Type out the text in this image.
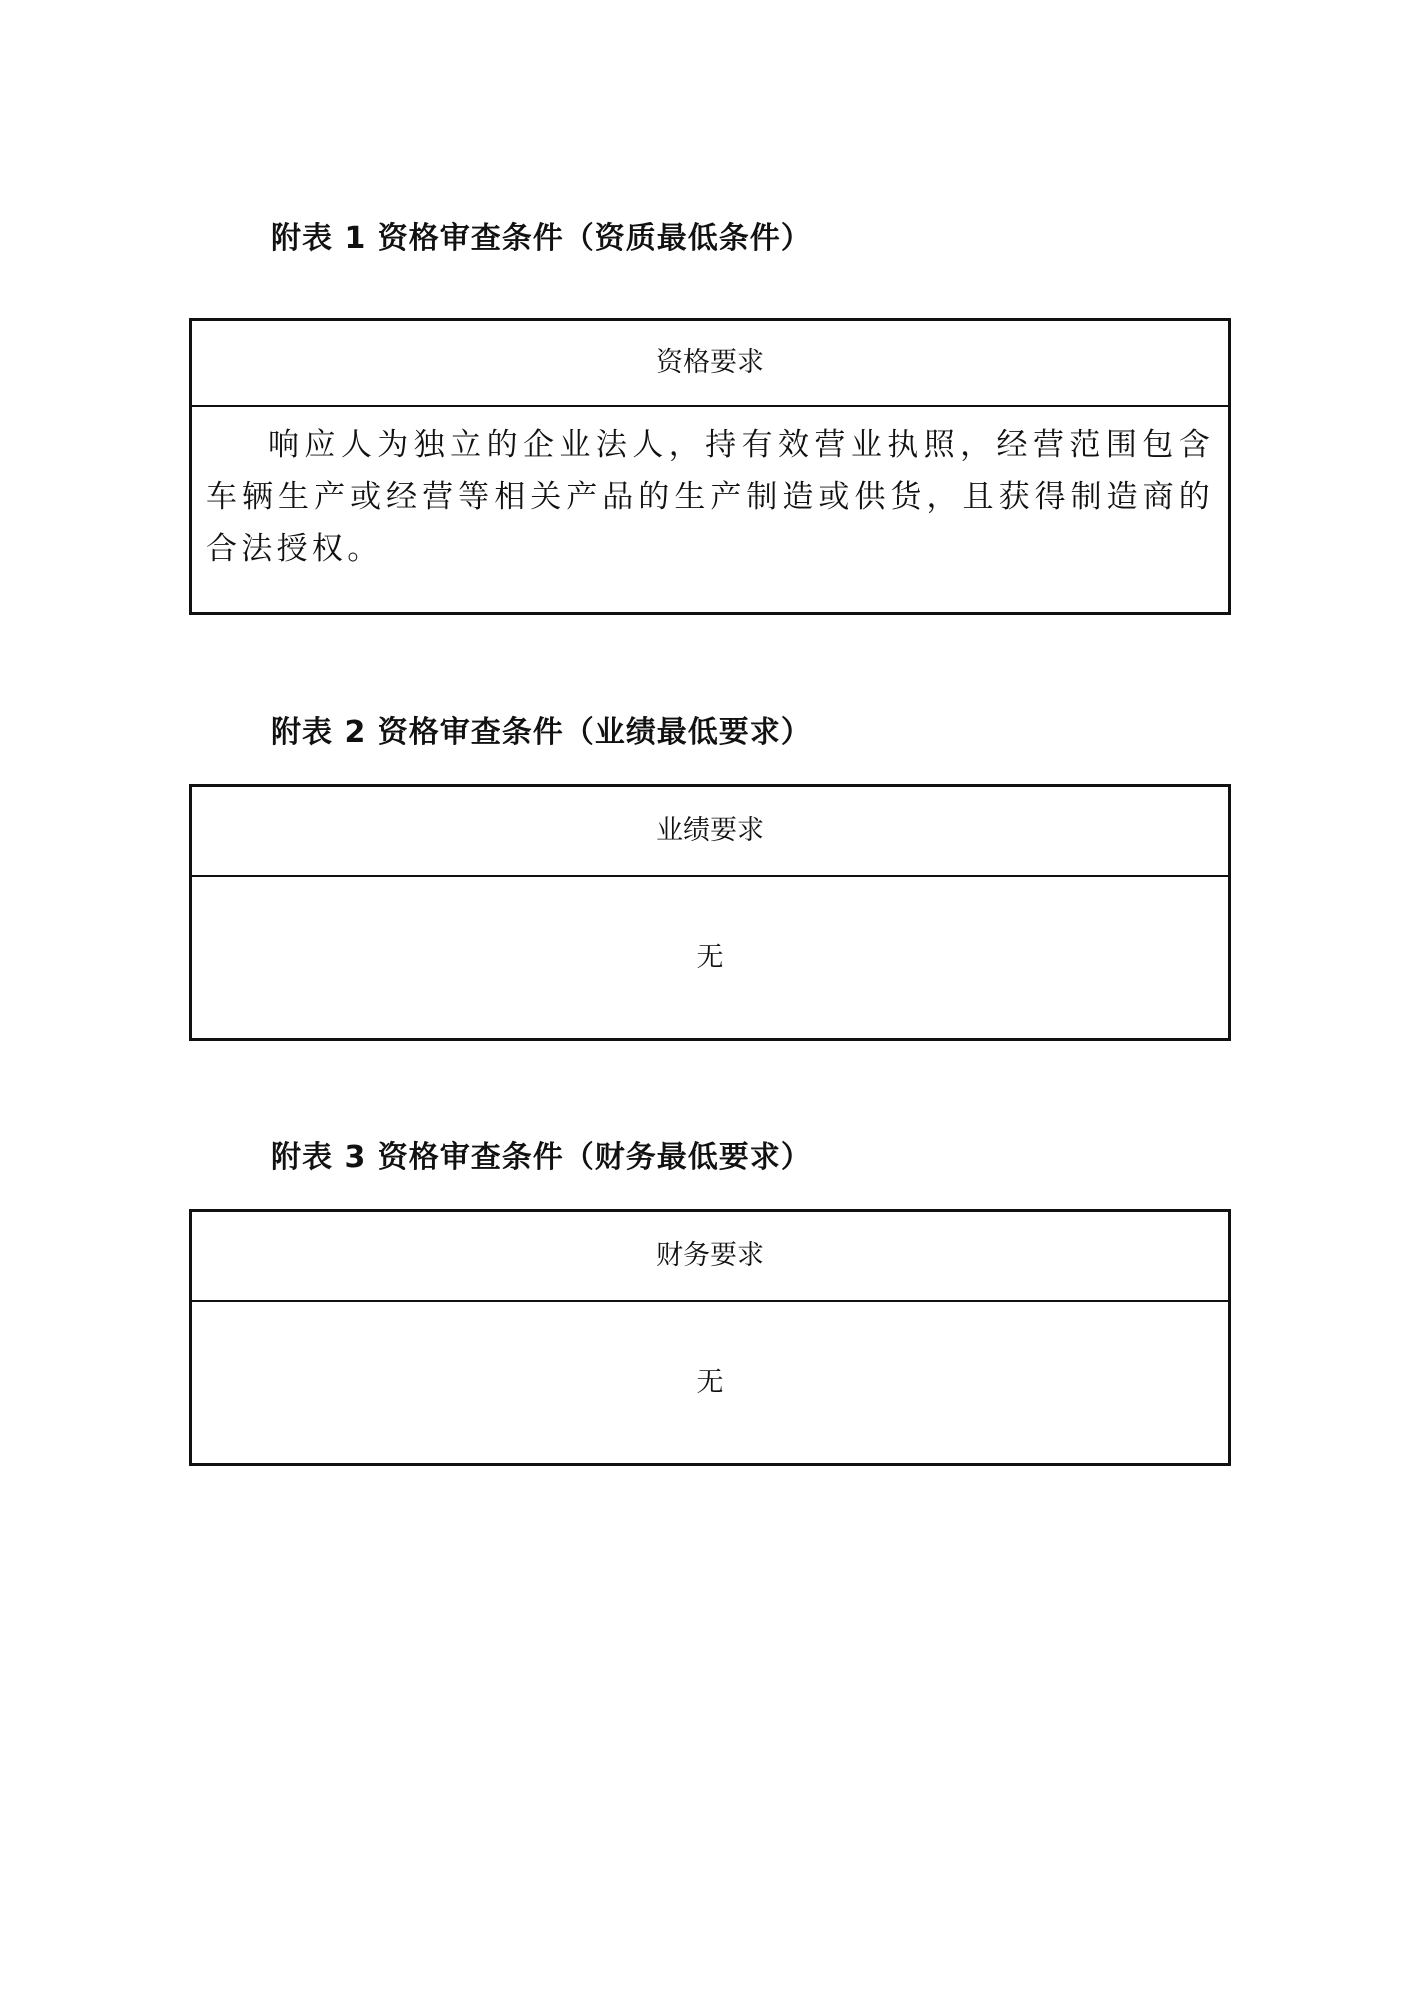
附表 1 资格审查条件（资质最低条件）
资格要求
响应人为独立的企业法人，持有效营业执照，经营范围包含车辆生产或经营等相关产品的生产制造或供货，且获得制造商的合法授权。
附表 2 资格审查条件（业绩最低要求）
业绩要求
无
附表 3 资格审查条件（财务最低要求）
财务要求
无
